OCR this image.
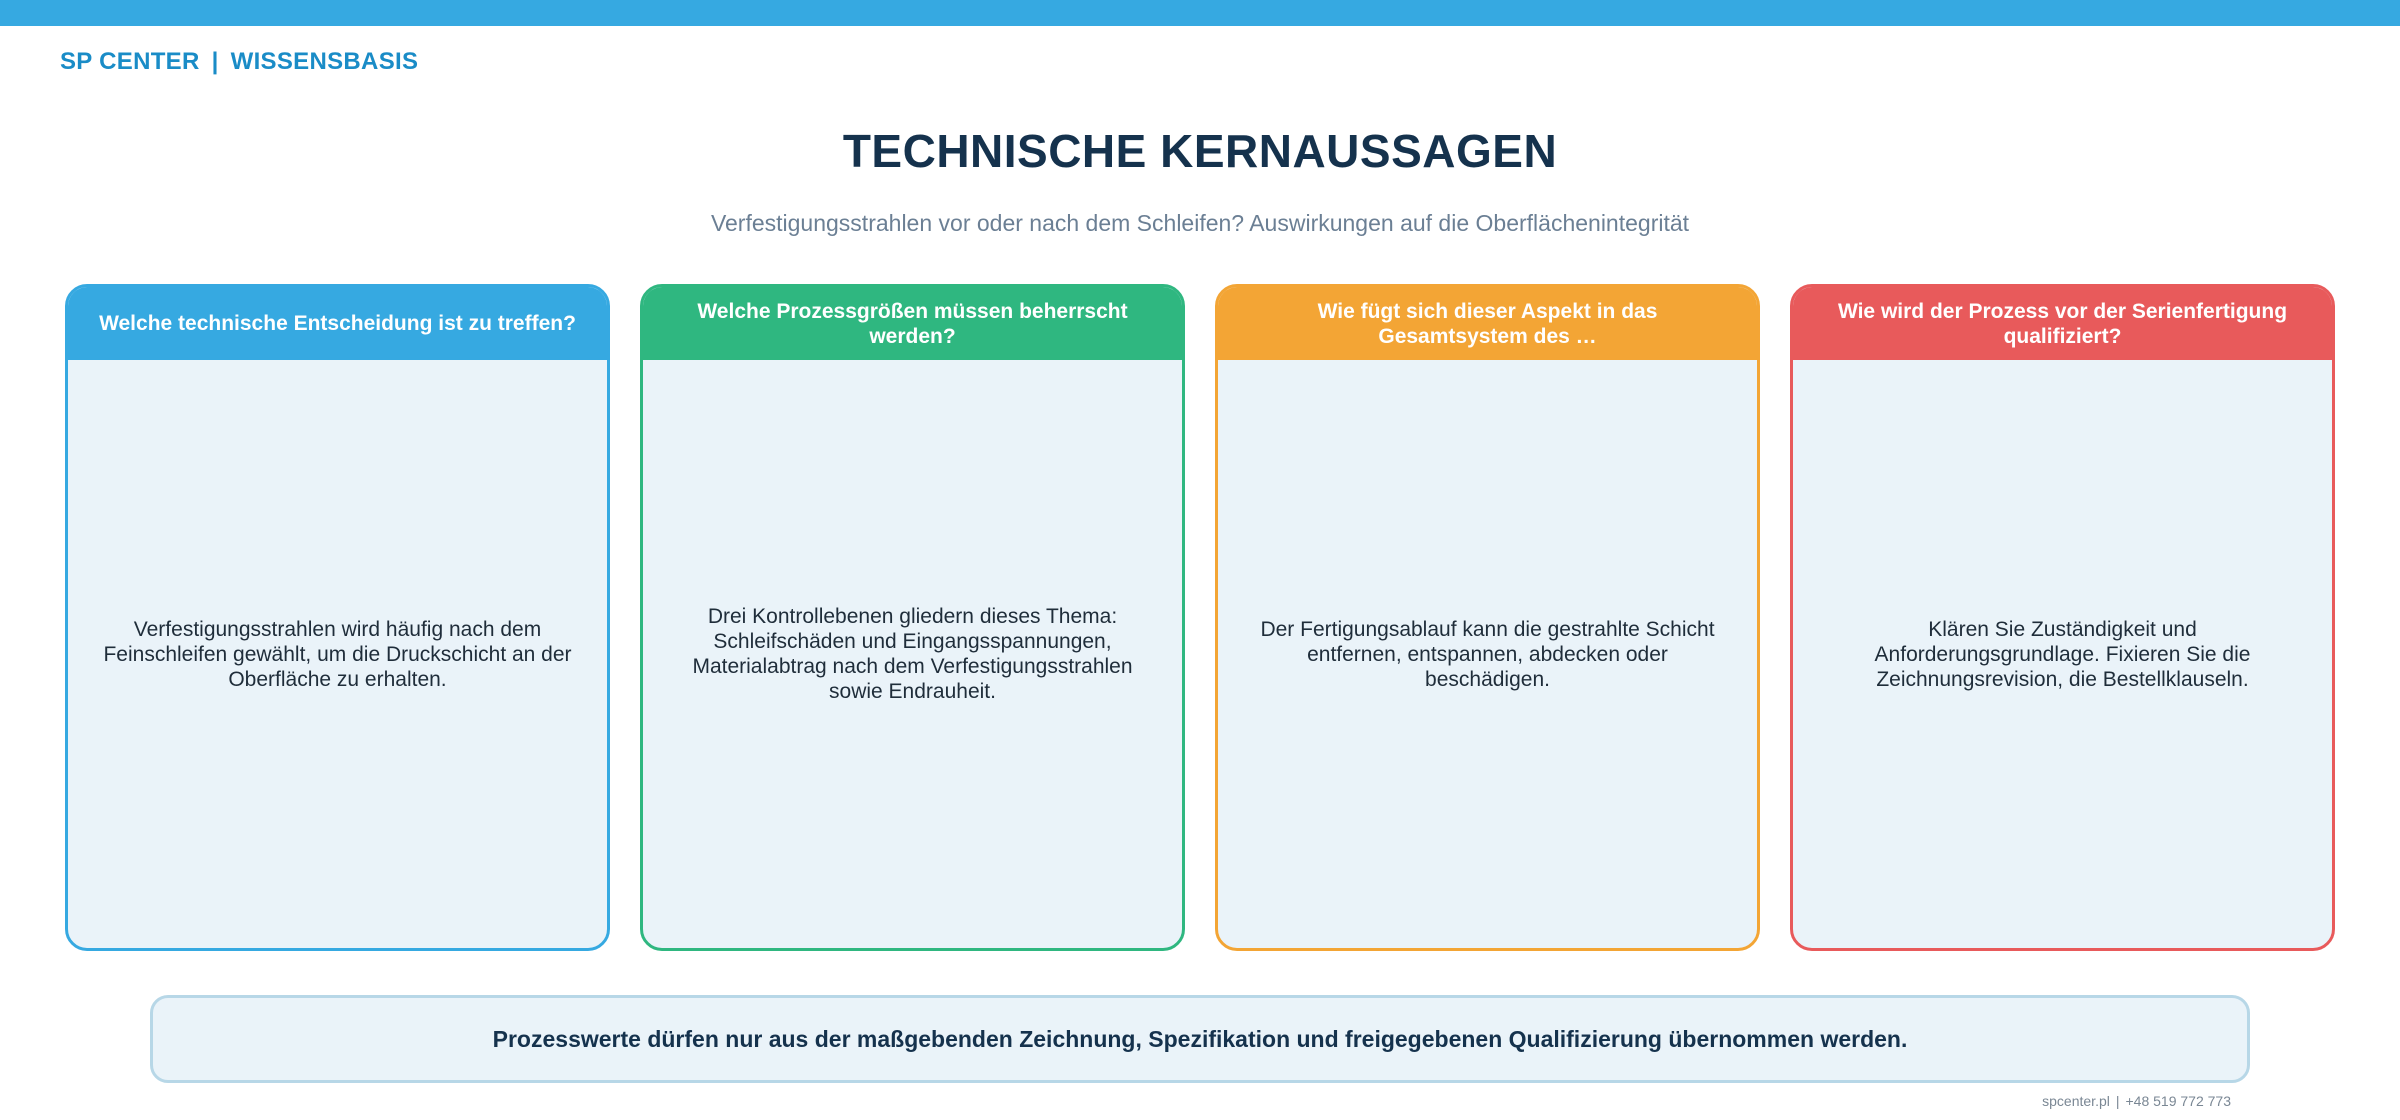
SP CENTER | WISSENSBASIS
TECHNISCHE KERNAUSSAGEN
Verfestigungsstrahlen vor oder nach dem Schleifen? Auswirkungen auf die Oberflächenintegrität
Welche technische Entscheidung ist zu treffen?
Verfestigungsstrahlen wird häufig nach dem Feinschleifen gewählt, um die Druckschicht an der Oberfläche zu erhalten.
Welche Prozessgrößen müssen beherrscht werden?
Drei Kontrollebenen gliedern dieses Thema: Schleifschäden und Eingangsspannungen, Materialabtrag nach dem Verfestigungsstrahlen sowie Endrauheit.
Wie fügt sich dieser Aspekt in das Gesamtsystem des …
Der Fertigungsablauf kann die gestrahlte Schicht entfernen, entspannen, abdecken oder beschädigen.
Wie wird der Prozess vor der Serienfertigung qualifiziert?
Klären Sie Zuständigkeit und Anforderungsgrundlage. Fixieren Sie die Zeichnungsrevision, die Bestellklauseln.
Prozesswerte dürfen nur aus der maßgebenden Zeichnung, Spezifikation und freigegebenen Qualifizierung übernommen werden.
spcenter.pl | +48 519 772 773
